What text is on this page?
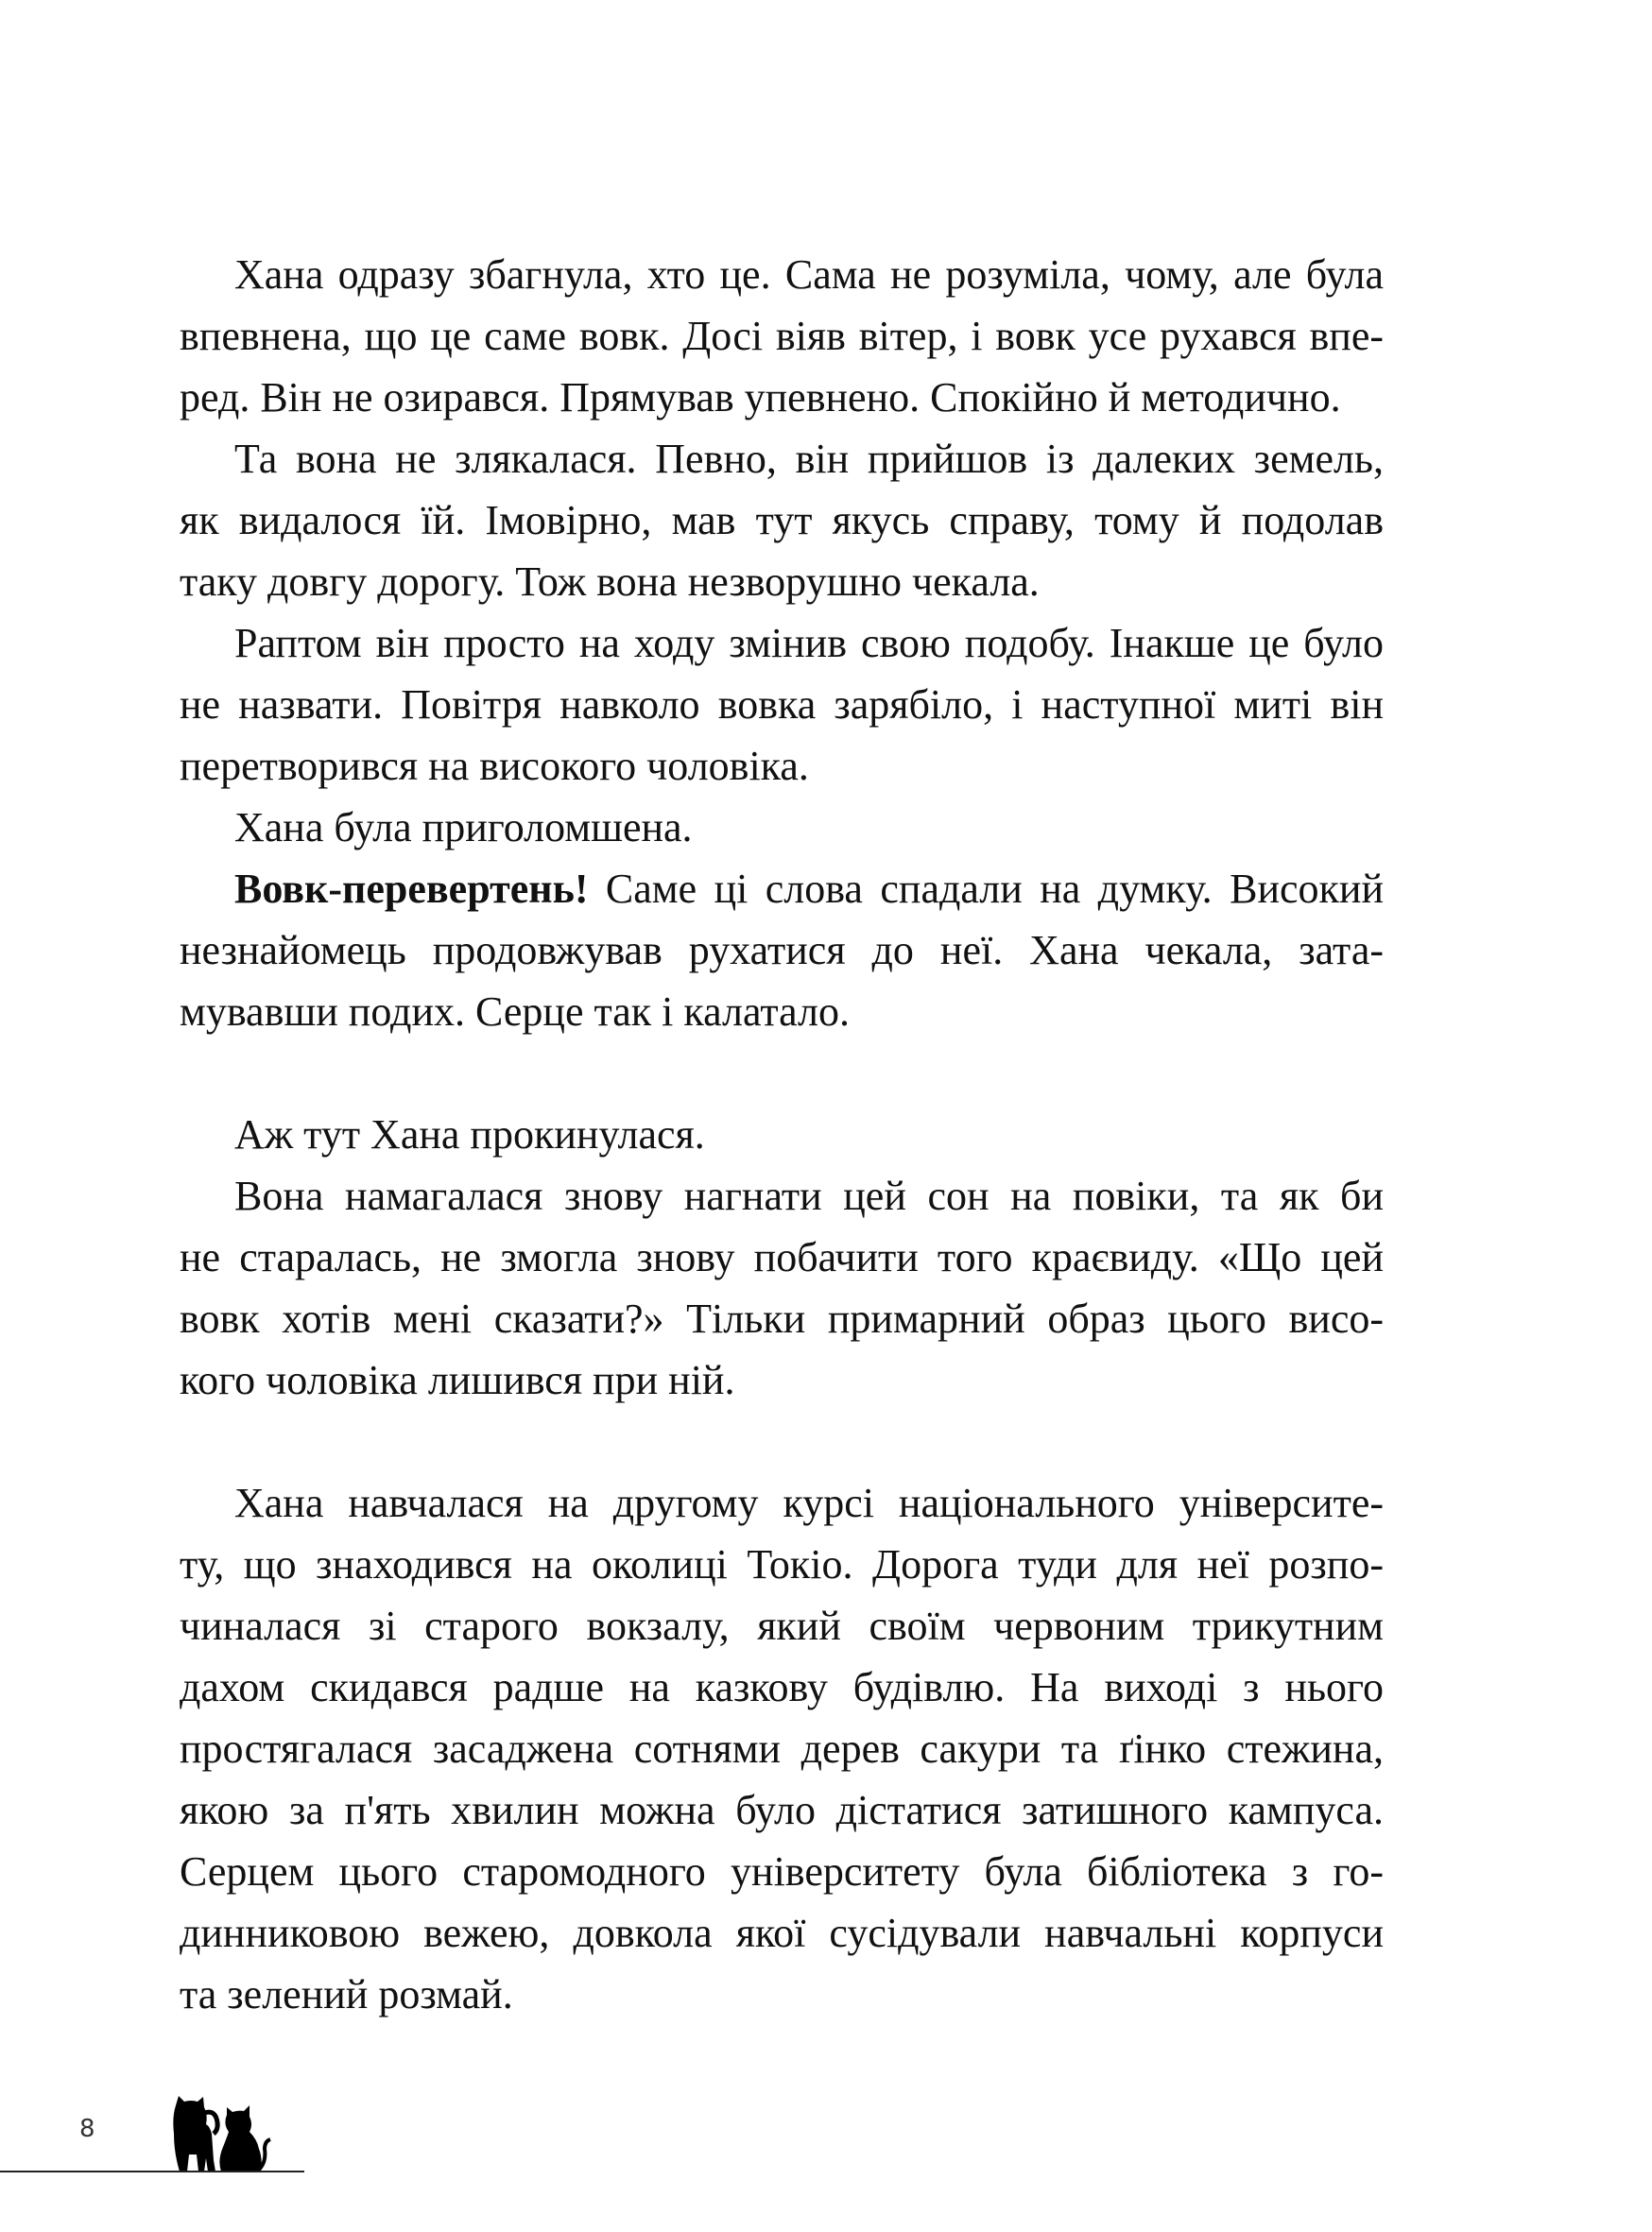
Хана одразу збагнула, хто це. Сама не розуміла, чому, але була
впевнена, що це саме вовк. Досі віяв вітер, і вовк усе рухався впе-
ред. Він не озирався. Прямував упевнено. Спокійно й методично.
Та вона не злякалася. Певно, він прийшов із далеких земель,
як видалося їй. Імовірно, мав тут якусь справу, тому й подолав
таку довгу дорогу. Тож вона незворушно чекала.
Раптом він просто на ходу змінив свою подобу. Інакше це було
не назвати. Повітря навколо вовка зарябіло, і наступної миті він
перетворився на високого чоловіка.
Хана була приголомшена.
Вовк-перевертень! Саме ці слова спадали на думку. Високий
незнайомець продовжував рухатися до неї. Хана чекала, зата-
мувавши подих. Серце так і калатало.
Аж тут Хана прокинулася.
Вона намагалася знову нагнати цей сон на повіки, та як би
не старалась, не змогла знову побачити того краєвиду. «Що цей
вовк хотів мені сказати?» Тільки примарний образ цього висо-
кого чоловіка лишився при ній.
Хана навчалася на другому курсі національного університе-
ту, що знаходився на околиці Токіо. Дорога туди для неї розпо-
чиналася зі старого вокзалу, який своїм червоним трикутним
дахом скидався радше на казкову будівлю. На виході з нього
простягалася засаджена сотнями дерев сакури та ґінко стежина,
якою за п'ять хвилин можна було дістатися затишного кампуса.
Серцем цього старомодного університету була бібліотека з го-
динниковою вежею, довкола якої сусідували навчальні корпуси
та зелений розмай.
8
